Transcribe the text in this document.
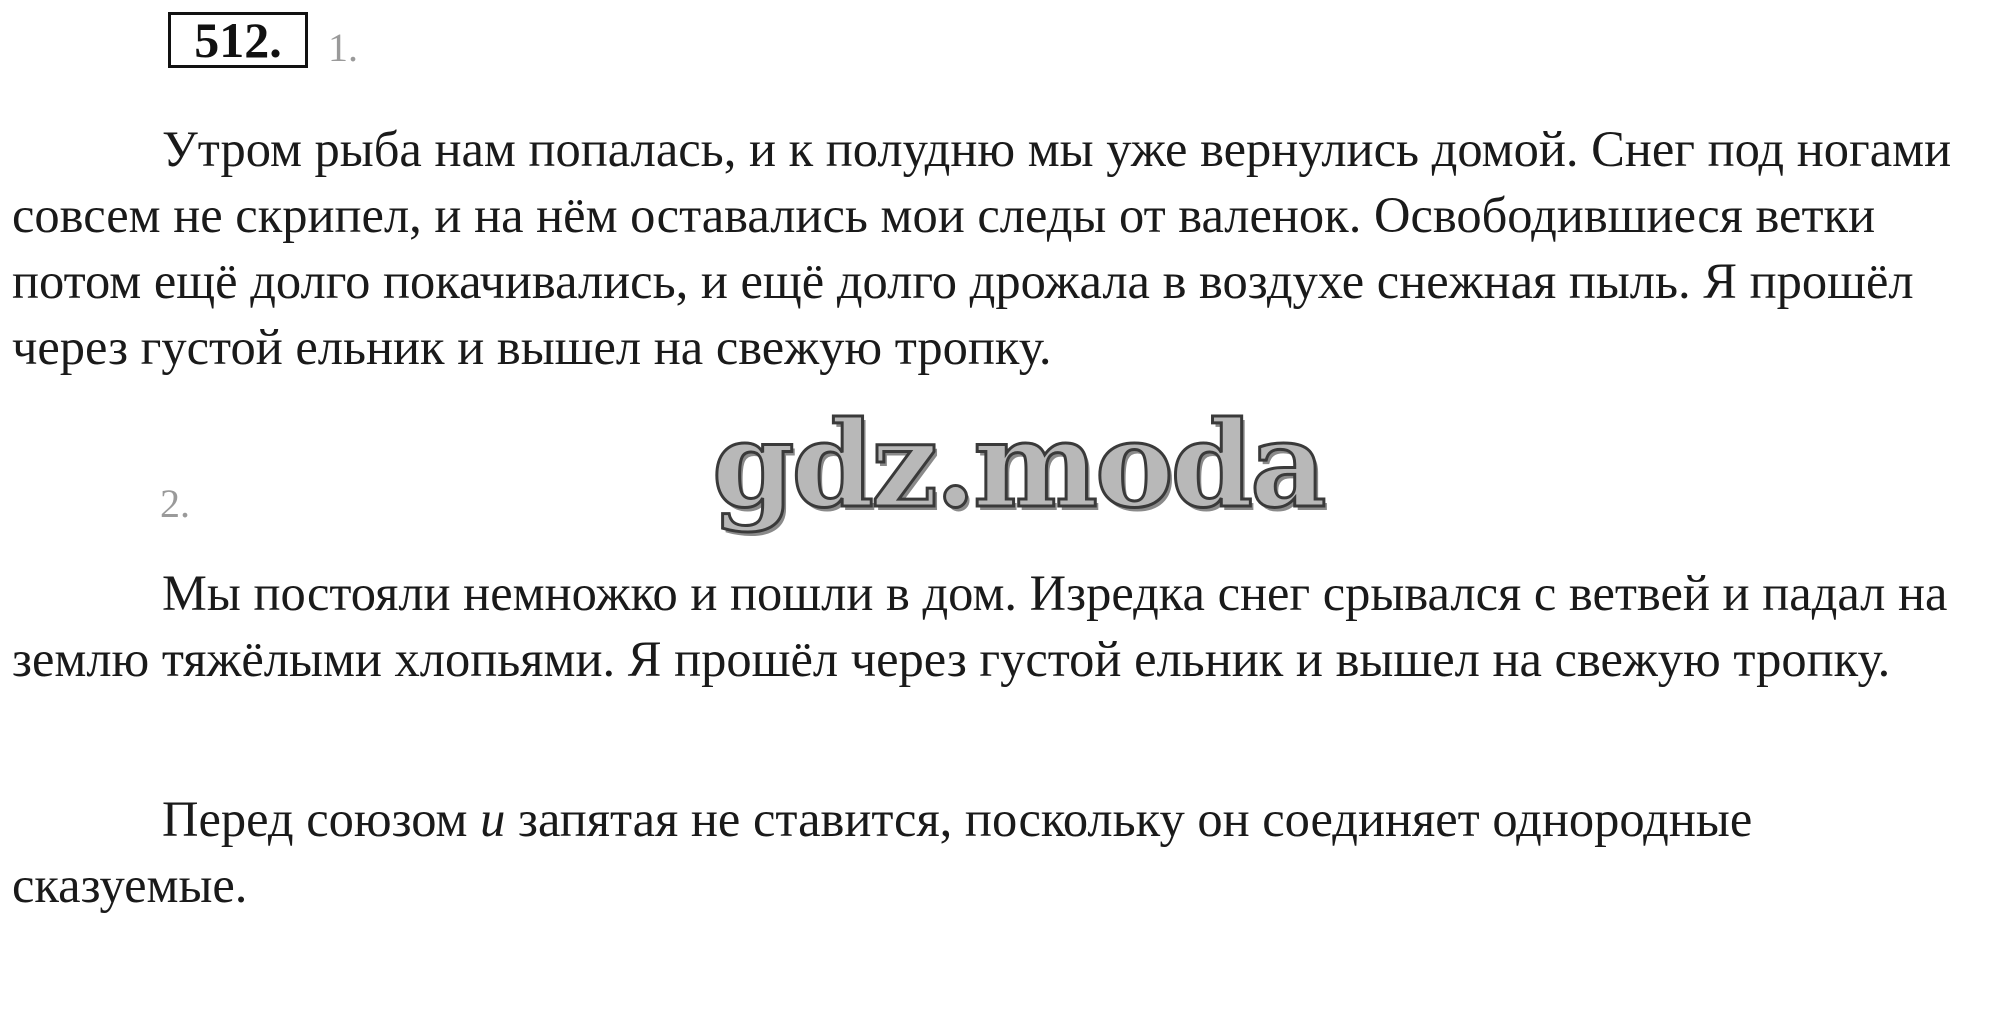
512.	1.

Утром рыба нам попалась, и к полудню мы уже вернулись домой. Снег под ногами совсем не скрипел, и на нём оставались мои следы от валенок. Освободившиеся ветки потом ещё долго покачивались, и ещё долго дрожала в воздухе снежная пыль. Я прошёл через густой ельник и вышел на свежую тропку.

gdz.moda
2.

Мы постояли немножко и пошли в дом. Изредка снег срывался с ветвей и падал на землю тяжёлыми хлопьями. Я прошёл через густой ельник и вышел на свежую тропку.

Перед союзом и запятая не ставится, поскольку он соединяет однородные сказуемые.
